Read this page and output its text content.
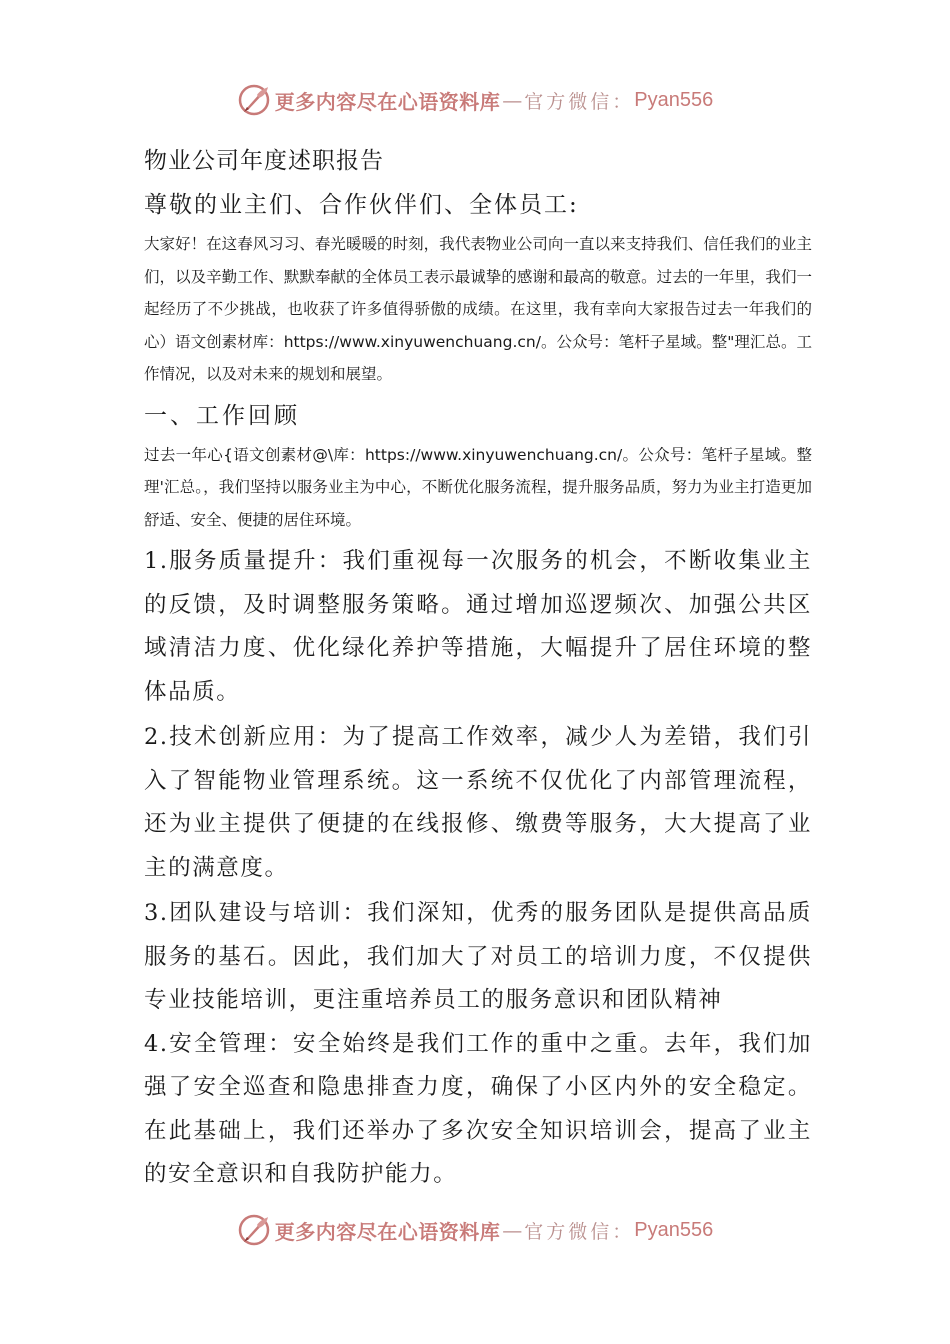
更多内容尽在心语资料库 — 官方微信： Pyan556
物业公司年度述职报告

尊敬的业主们、合作伙伴们、全体员工:

大家好！在这春风习习、春光暖暖的时刻，我代表物业公司向一直以来支持我们、信任我们的业主们，以及辛勤工作、默默奉献的全体员工表示最诚挚的感谢和最高的敬意。过去的一年里，我们一起经历了不少挑战，也收获了许多值得骄傲的成绩。在这里，我有幸向大家报告过去一年我们的心）语文创素材库：https://www.xinyuwenchuang.cn/。公众号：笔杆子星域。整"理汇总。工作情况，以及对未来的规划和展望。

一、工作回顾

过去一年心{语文创素材@\库：https://www.xinyuwenchuang.cn/。公众号：笔杆子星域。整理'汇总。，我们坚持以服务业主为中心，不断优化服务流程，提升服务品质，努力为业主打造更加舒适、安全、便捷的居住环境。

1.服务质量提升：我们重视每一次服务的机会，不断收集业主的反馈，及时调整服务策略。通过增加巡逻频次、加强公共区域清洁力度、优化绿化养护等措施，大幅提升了居住环境的整体品质。

2.技术创新应用：为了提高工作效率，减少人为差错，我们引入了智能物业管理系统。这一系统不仅优化了内部管理流程，还为业主提供了便捷的在线报修、缴费等服务，大大提高了业主的满意度。

3.团队建设与培训：我们深知，优秀的服务团队是提供高品质服务的基石。因此，我们加大了对员工的培训力度，不仅提供专业技能培训，更注重培养员工的服务意识和团队精神

4.安全管理：安全始终是我们工作的重中之重。去年，我们加强了安全巡查和隐患排查力度，确保了小区内外的安全稳定。在此基础上，我们还举办了多次安全知识培训会，提高了业主的安全意识和自我防护能力。

更多内容尽在心语资料库 — 官方微信： Pyan556
